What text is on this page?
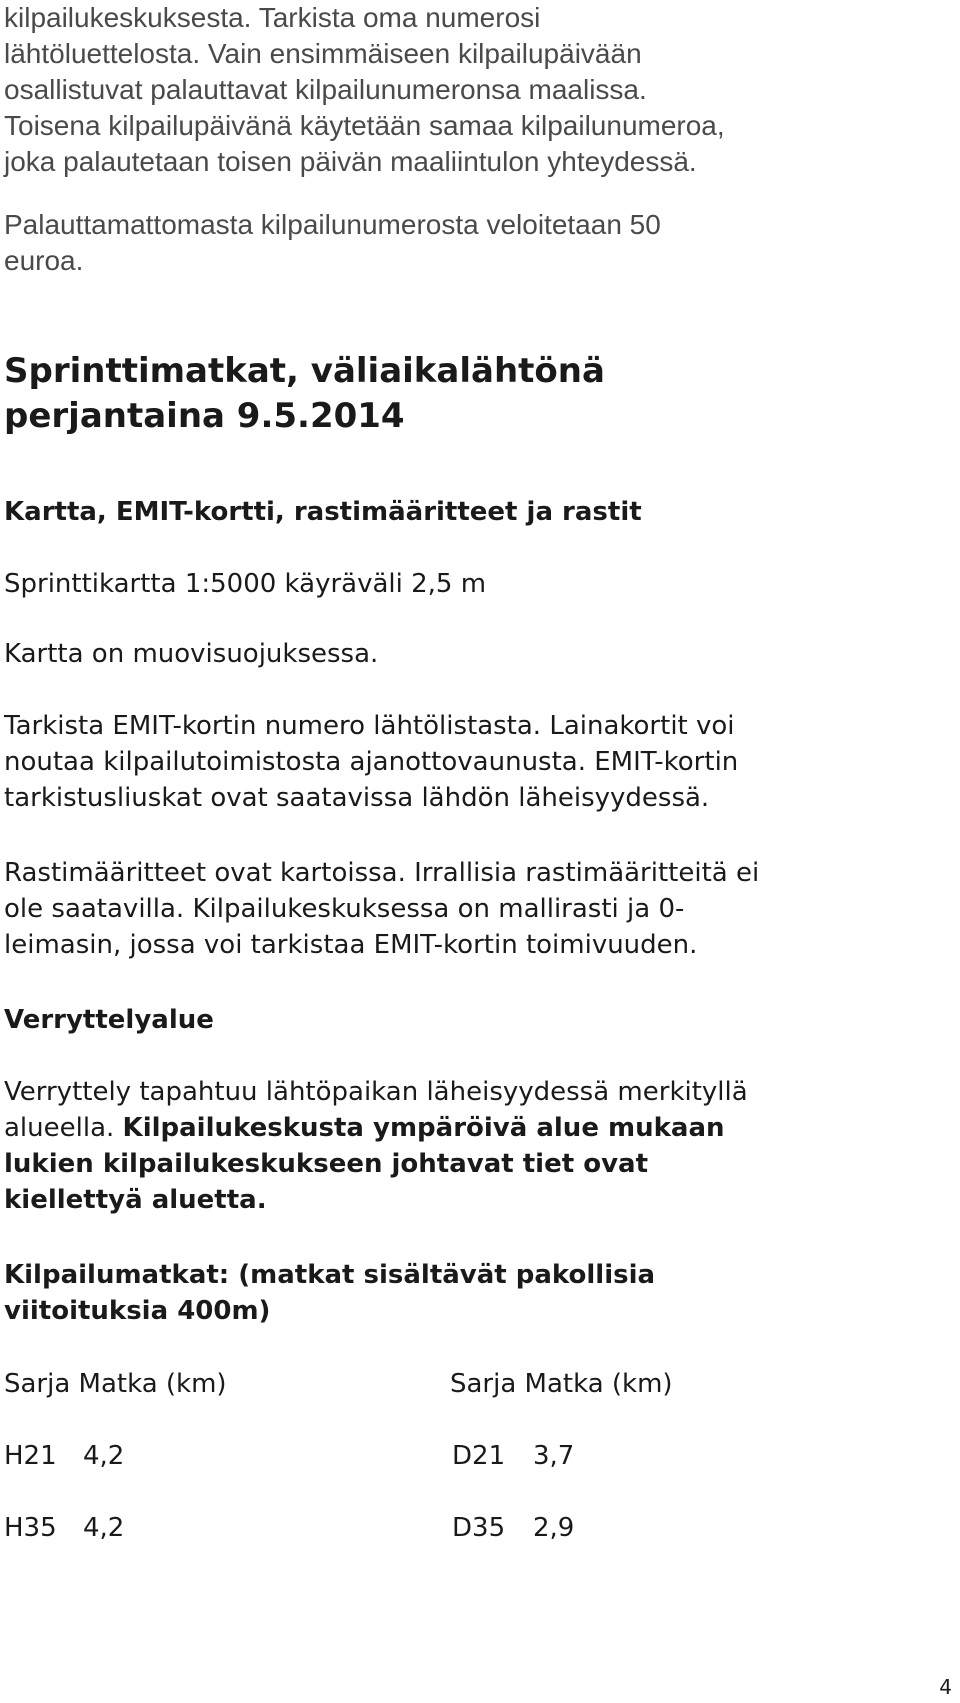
kilpailukeskuksesta. Tarkista oma numerosi

lähtöluettelosta. Vain ensimmäiseen kilpailupäivään

osallistuvat palauttavat kilpailunumeronsa maalissa.

Toisena kilpailupäivänä käytetään samaa kilpailunumeroa,

joka palautetaan toisen päivän maaliintulon yhteydessä.

Palauttamattomasta kilpailunumerosta veloitetaan 50

euroa.

Sprinttimatkat, väliaikalähtönä

perjantaina 9.5.2014

Kartta, EMIT-kortti, rastimääritteet ja rastit

Sprinttikartta 1:5000 käyräväli 2,5 m

Kartta on muovisuojuksessa.

Tarkista EMIT-kortin numero lähtölistasta. Lainakortit voi

noutaa kilpailutoimistosta ajanottovaunusta. EMIT-kortin

tarkistusliuskat ovat saatavissa lähdön läheisyydessä.

Rastimääritteet ovat kartoissa. Irrallisia rastimääritteitä ei

ole saatavilla. Kilpailukeskuksessa on mallirasti ja 0-

leimasin, jossa voi tarkistaa EMIT-kortin toimivuuden.

Verryttelyalue

Verryttely tapahtuu lähtöpaikan läheisyydessä merkityllä

alueella. Kilpailukeskusta ympäröivä alue mukaan

lukien kilpailukeskukseen johtavat tiet ovat

kiellettyä aluetta.

Kilpailumatkat: (matkat sisältävät pakollisia

viitoituksia 400m)

Sarja Matka (km)	Sarja Matka (km)
H21 4,2	D21 3,7
H35 4,2	D35 2,9
4
